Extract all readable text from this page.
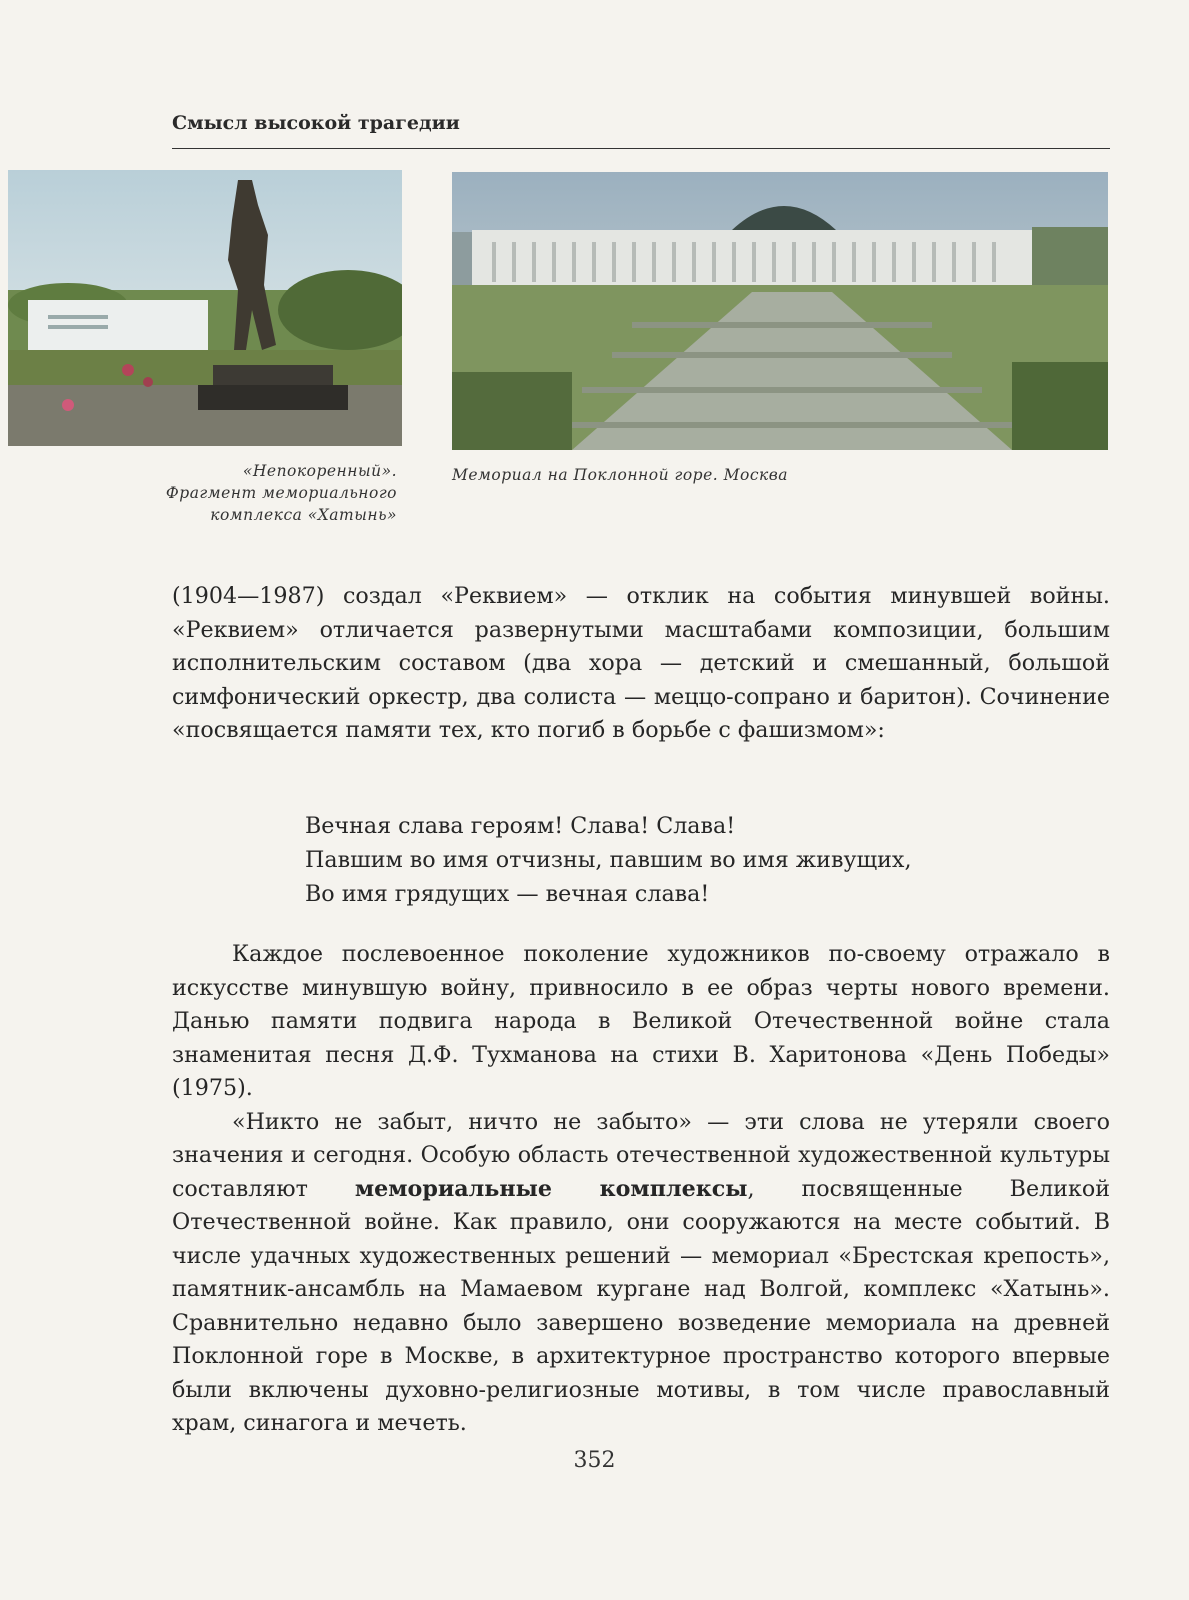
Смысл высокой трагедии
«Непокоренный».
Фрагмент мемориального
комплекса «Хатынь»
Мемориал на Поклонной горе. Москва

(1904—1987) создал «Реквием» — отклик на события минувшей войны. «Реквием» отличается развернутыми масштабами композиции, большим исполнительским составом (два хора — детский и смешанный, большой симфонический оркестр, два солиста — меццо-сопрано и баритон). Сочинение «посвящается памяти тех, кто погиб в борьбе с фашизмом»:

Вечная слава героям! Слава! Слава!
Павшим во имя отчизны, павшим во имя живущих,
Во имя грядущих — вечная слава!

Каждое послевоенное поколение художников по-своему отражало в искусстве минувшую войну, привносило в ее образ черты нового времени. Данью памяти подвига народа в Великой Отечественной войне стала знаменитая песня Д.Ф. Тухманова на стихи В. Харитонова «День Победы» (1975).

«Никто не забыт, ничто не забыто» — эти слова не утеряли своего значения и сегодня. Особую область отечественной художественной культуры составляют мемориальные комплексы, посвященные Великой Отечественной войне. Как правило, они сооружаются на месте событий. В числе удачных художественных решений — мемориал «Брестская крепость», памятник-ансамбль на Мамаевом кургане над Волгой, комплекс «Хатынь». Сравнительно недавно было завершено возведение мемориала на древней Поклонной горе в Москве, в архитектурное пространство которого впервые были включены духовно-религиозные мотивы, в том числе православный храм, синагога и мечеть.

352
